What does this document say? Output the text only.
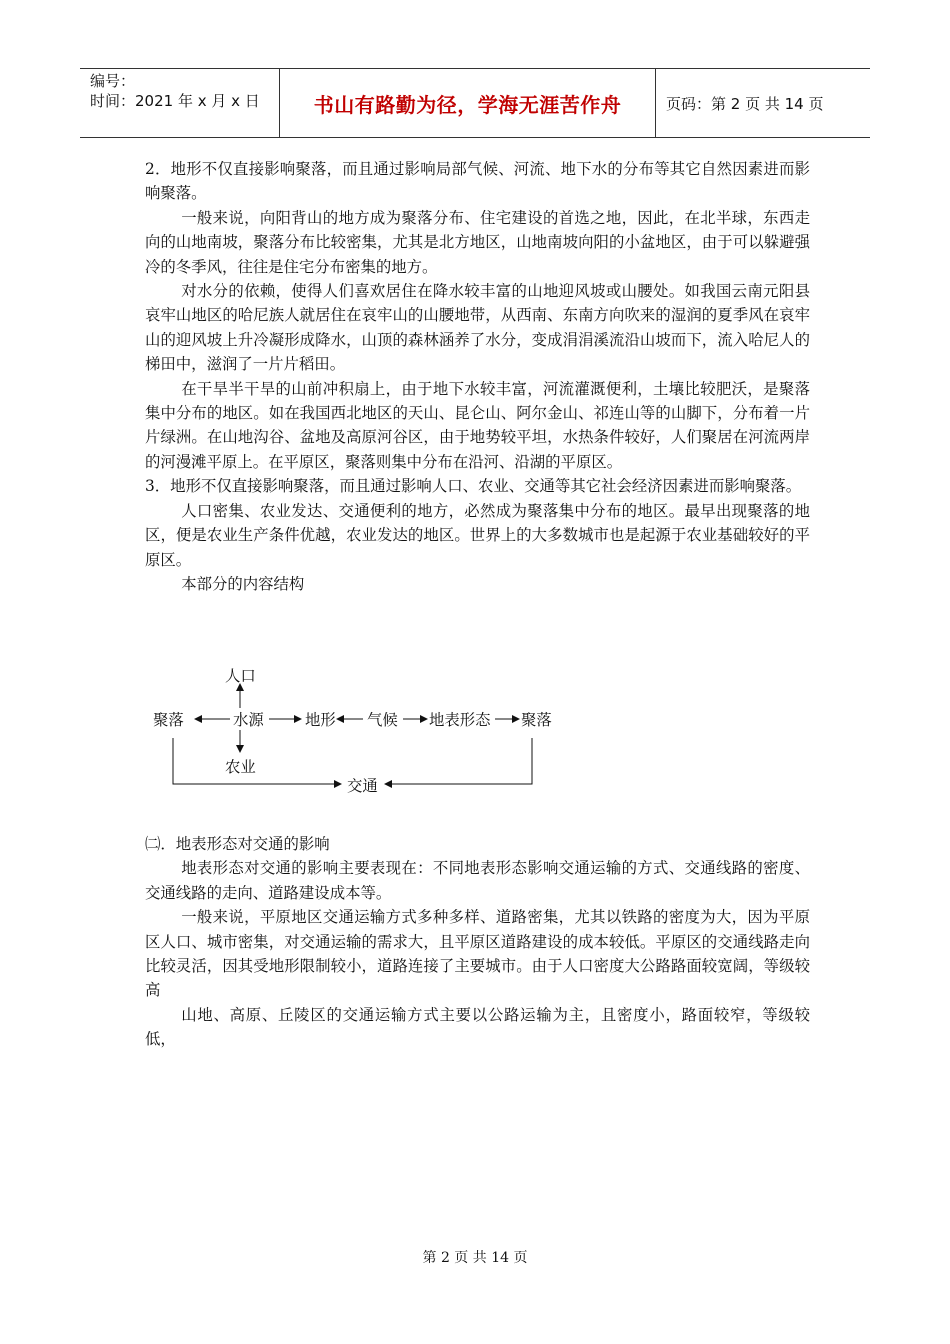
编号：
时间：2021 年 x 月 x 日	书山有路勤为径，学海无涯苦作舟	页码：第 2 页 共 14 页

2．地形不仅直接影响聚落，而且通过影响局部气候、河流、地下水的分布等其它自然因素进而影响聚落。

一般来说，向阳背山的地方成为聚落分布、住宅建设的首选之地，因此，在北半球，东西走向的山地南坡，聚落分布比较密集，尤其是北方地区，山地南坡向阳的小盆地区，由于可以躲避强冷的冬季风，往往是住宅分布密集的地方。

对水分的依赖，使得人们喜欢居住在降水较丰富的山地迎风坡或山腰处。如我国云南元阳县哀牢山地区的哈尼族人就居住在哀牢山的山腰地带，从西南、东南方向吹来的湿润的夏季风在哀牢山的迎风坡上升冷凝形成降水，山顶的森林涵养了水分，变成涓涓溪流沿山坡而下，流入哈尼人的梯田中，滋润了一片片稻田。

在干旱半干旱的山前冲积扇上，由于地下水较丰富，河流灌溉便利，土壤比较肥沃，是聚落集中分布的地区。如在我国西北地区的天山、昆仑山、阿尔金山、祁连山等的山脚下，分布着一片片绿洲。在山地沟谷、盆地及高原河谷区，由于地势较平坦，水热条件较好，人们聚居在河流两岸的河漫滩平原上。在平原区，聚落则集中分布在沿河、沿湖的平原区。

3．地形不仅直接影响聚落，而且通过影响人口、农业、交通等其它社会经济因素进而影响聚落。

人口密集、农业发达、交通便利的地方，必然成为聚落集中分布的地区。最早出现聚落的地区，便是农业生产条件优越，农业发达的地区。世界上的大多数城市也是起源于农业基础较好的平原区。

本部分的内容结构

人口
聚落	水源	地形 气候 地表形态 聚落
农业
交通

㈡．地表形态对交通的影响

地表形态对交通的影响主要表现在：不同地表形态影响交通运输的方式、交通线路的密度、交通线路的走向、道路建设成本等。

一般来说，平原地区交通运输方式多种多样、道路密集，尤其以铁路的密度为大，因为平原区人口、城市密集，对交通运输的需求大，且平原区道路建设的成本较低。平原区的交通线路走向比较灵活，因其受地形限制较小，道路连接了主要城市。由于人口密度大公路路面较宽阔，等级较高

山地、高原、丘陵区的交通运输方式主要以公路运输为主，且密度小，路面较窄，等级较低，

第 2 页 共 14 页
